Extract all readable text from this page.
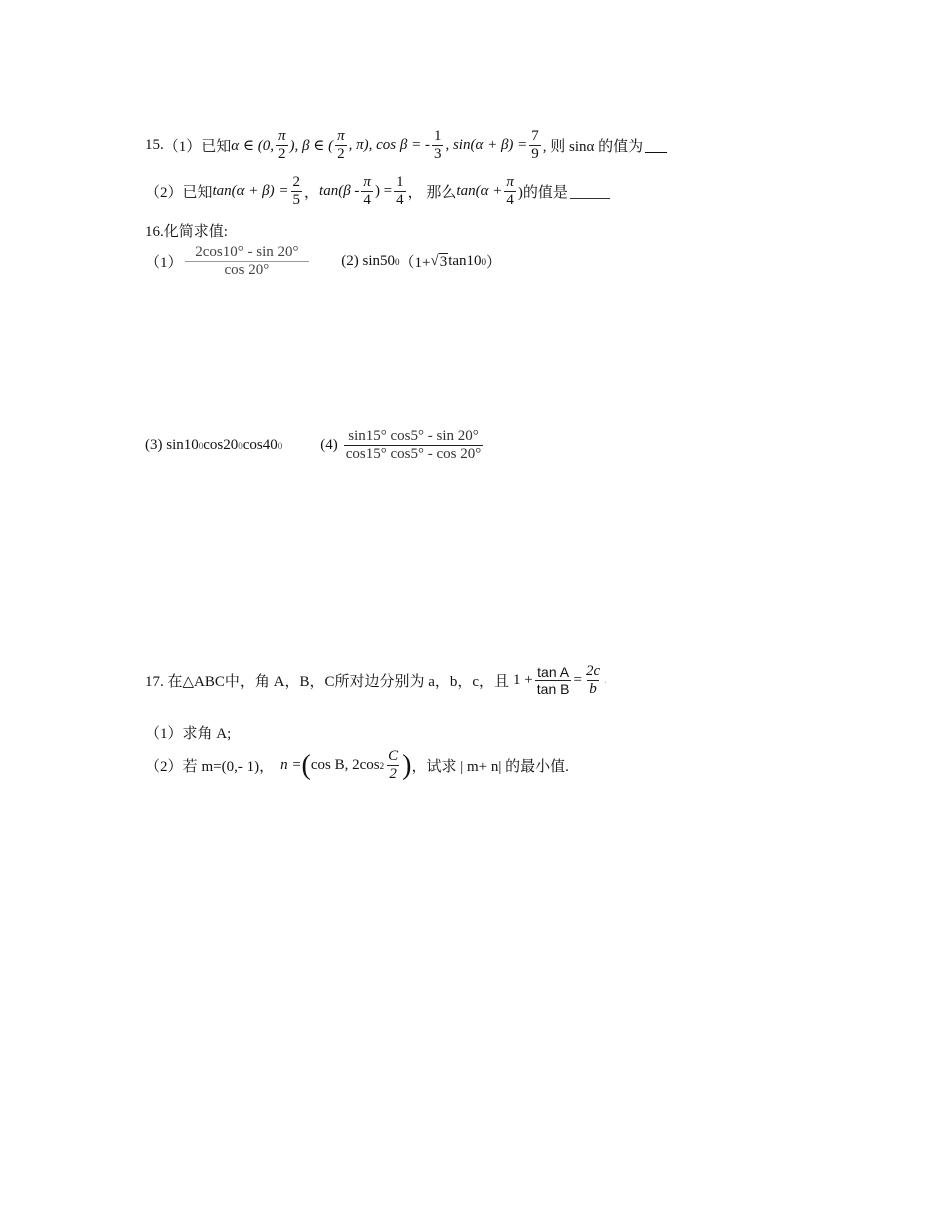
15. （1）已知 α ∈ (0, $\frac{\pi}{2}$ ), β ∈ ( $\frac{\pi}{2}$ , π), cos β = - $\frac{1}{3}$ , $\sin(\alpha + \beta) = \frac{7}{9}$ , 则 sinα 的值为
（2）已知 $\tan(\alpha + \beta) = \frac{2}{5}$ ， $\tan(\beta - \frac{\pi}{4}$ ) = $\frac{1}{4}$ ， 那么 $\tan(\alpha + \frac{\pi}{4}$ )的值是
16.化简求值:
$(1) \frac{2\cos 10^\circ - \sin 20^\circ}{\cos 20^\circ} (2)$ sin50 0 （1+ √ 3 tan10 0 ）
(3) sin10 0 cos20 0 cos40 0	$(4) \frac{\sin 15^\circ \cos 5^\circ - \sin 20^\circ}{\cos 15^\circ \cos 5^\circ - \cos 20^\circ}$
17. 在△ABC中，角 A，B，C所对边分别为 a，b，c，且 $1 + \frac{\text{tan A}}{\text{tan B}} = \frac{2c}{b}$ .
（1）求角 A;
（2）若 m=(0,- 1)， n = ( cos B, 2cos $2 \frac{C}{2}$ ) ，试求 | m+ n| 的最小值.
